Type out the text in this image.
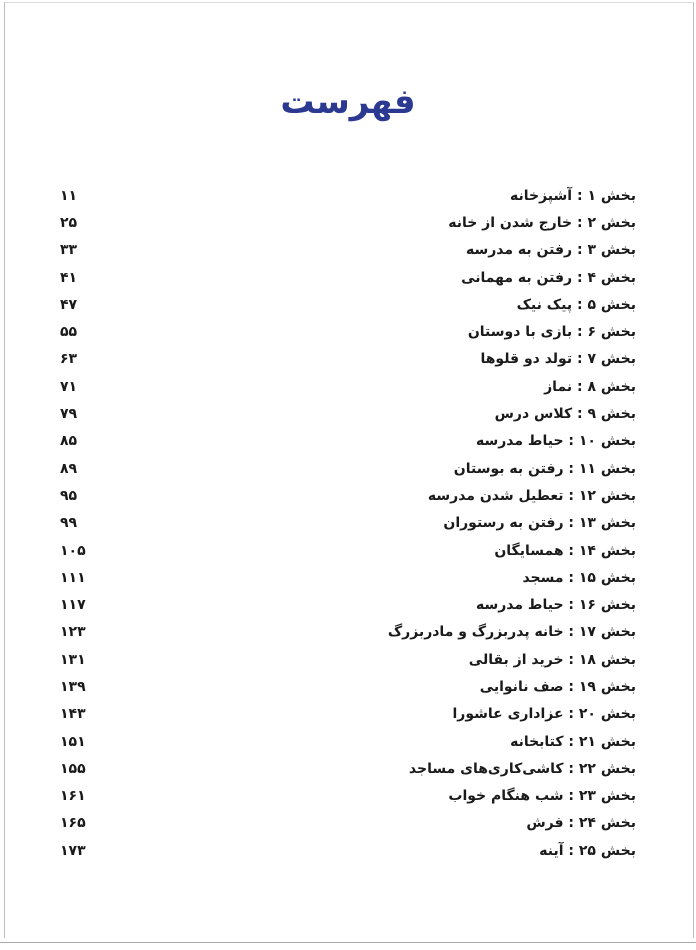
فهرست
بخش ۱ : آشپزخانه
۱۱
بخش ۲ : خارج شدن از خانه
۲۵
بخش ۳ : رفتن به مدرسه
۳۳
بخش ۴ : رفتن به مهمانی
۴۱
بخش ۵ : پیک نیک
۴۷
بخش ۶ : بازی با دوستان
۵۵
بخش ۷ : تولد دو قلوها
۶۳
بخش ۸ : نماز
۷۱
بخش ۹ : کلاس درس
۷۹
بخش ۱۰ : حیاط مدرسه
۸۵
بخش ۱۱ : رفتن به بوستان
۸۹
بخش ۱۲ : تعطیل شدن مدرسه
۹۵
بخش ۱۳ : رفتن به رستوران
۹۹
بخش ۱۴ : همسایگان
۱۰۵
بخش ۱۵ : مسجد
۱۱۱
بخش ۱۶ : حیاط مدرسه
۱۱۷
بخش ۱۷ : خانه پدربزرگ و مادربزرگ
۱۲۳
بخش ۱۸ : خرید از بقالی
۱۳۱
بخش ۱۹ : صف نانوایی
۱۳۹
بخش ۲۰ : عزاداری عاشورا
۱۴۳
بخش ۲۱ : کتابخانه
۱۵۱
بخش ۲۲ : کاشی‌کاری‌های مساجد
۱۵۵
بخش ۲۳ : شب هنگام خواب
۱۶۱
بخش ۲۴ : فرش
۱۶۵
بخش ۲۵ : آینه
۱۷۳
